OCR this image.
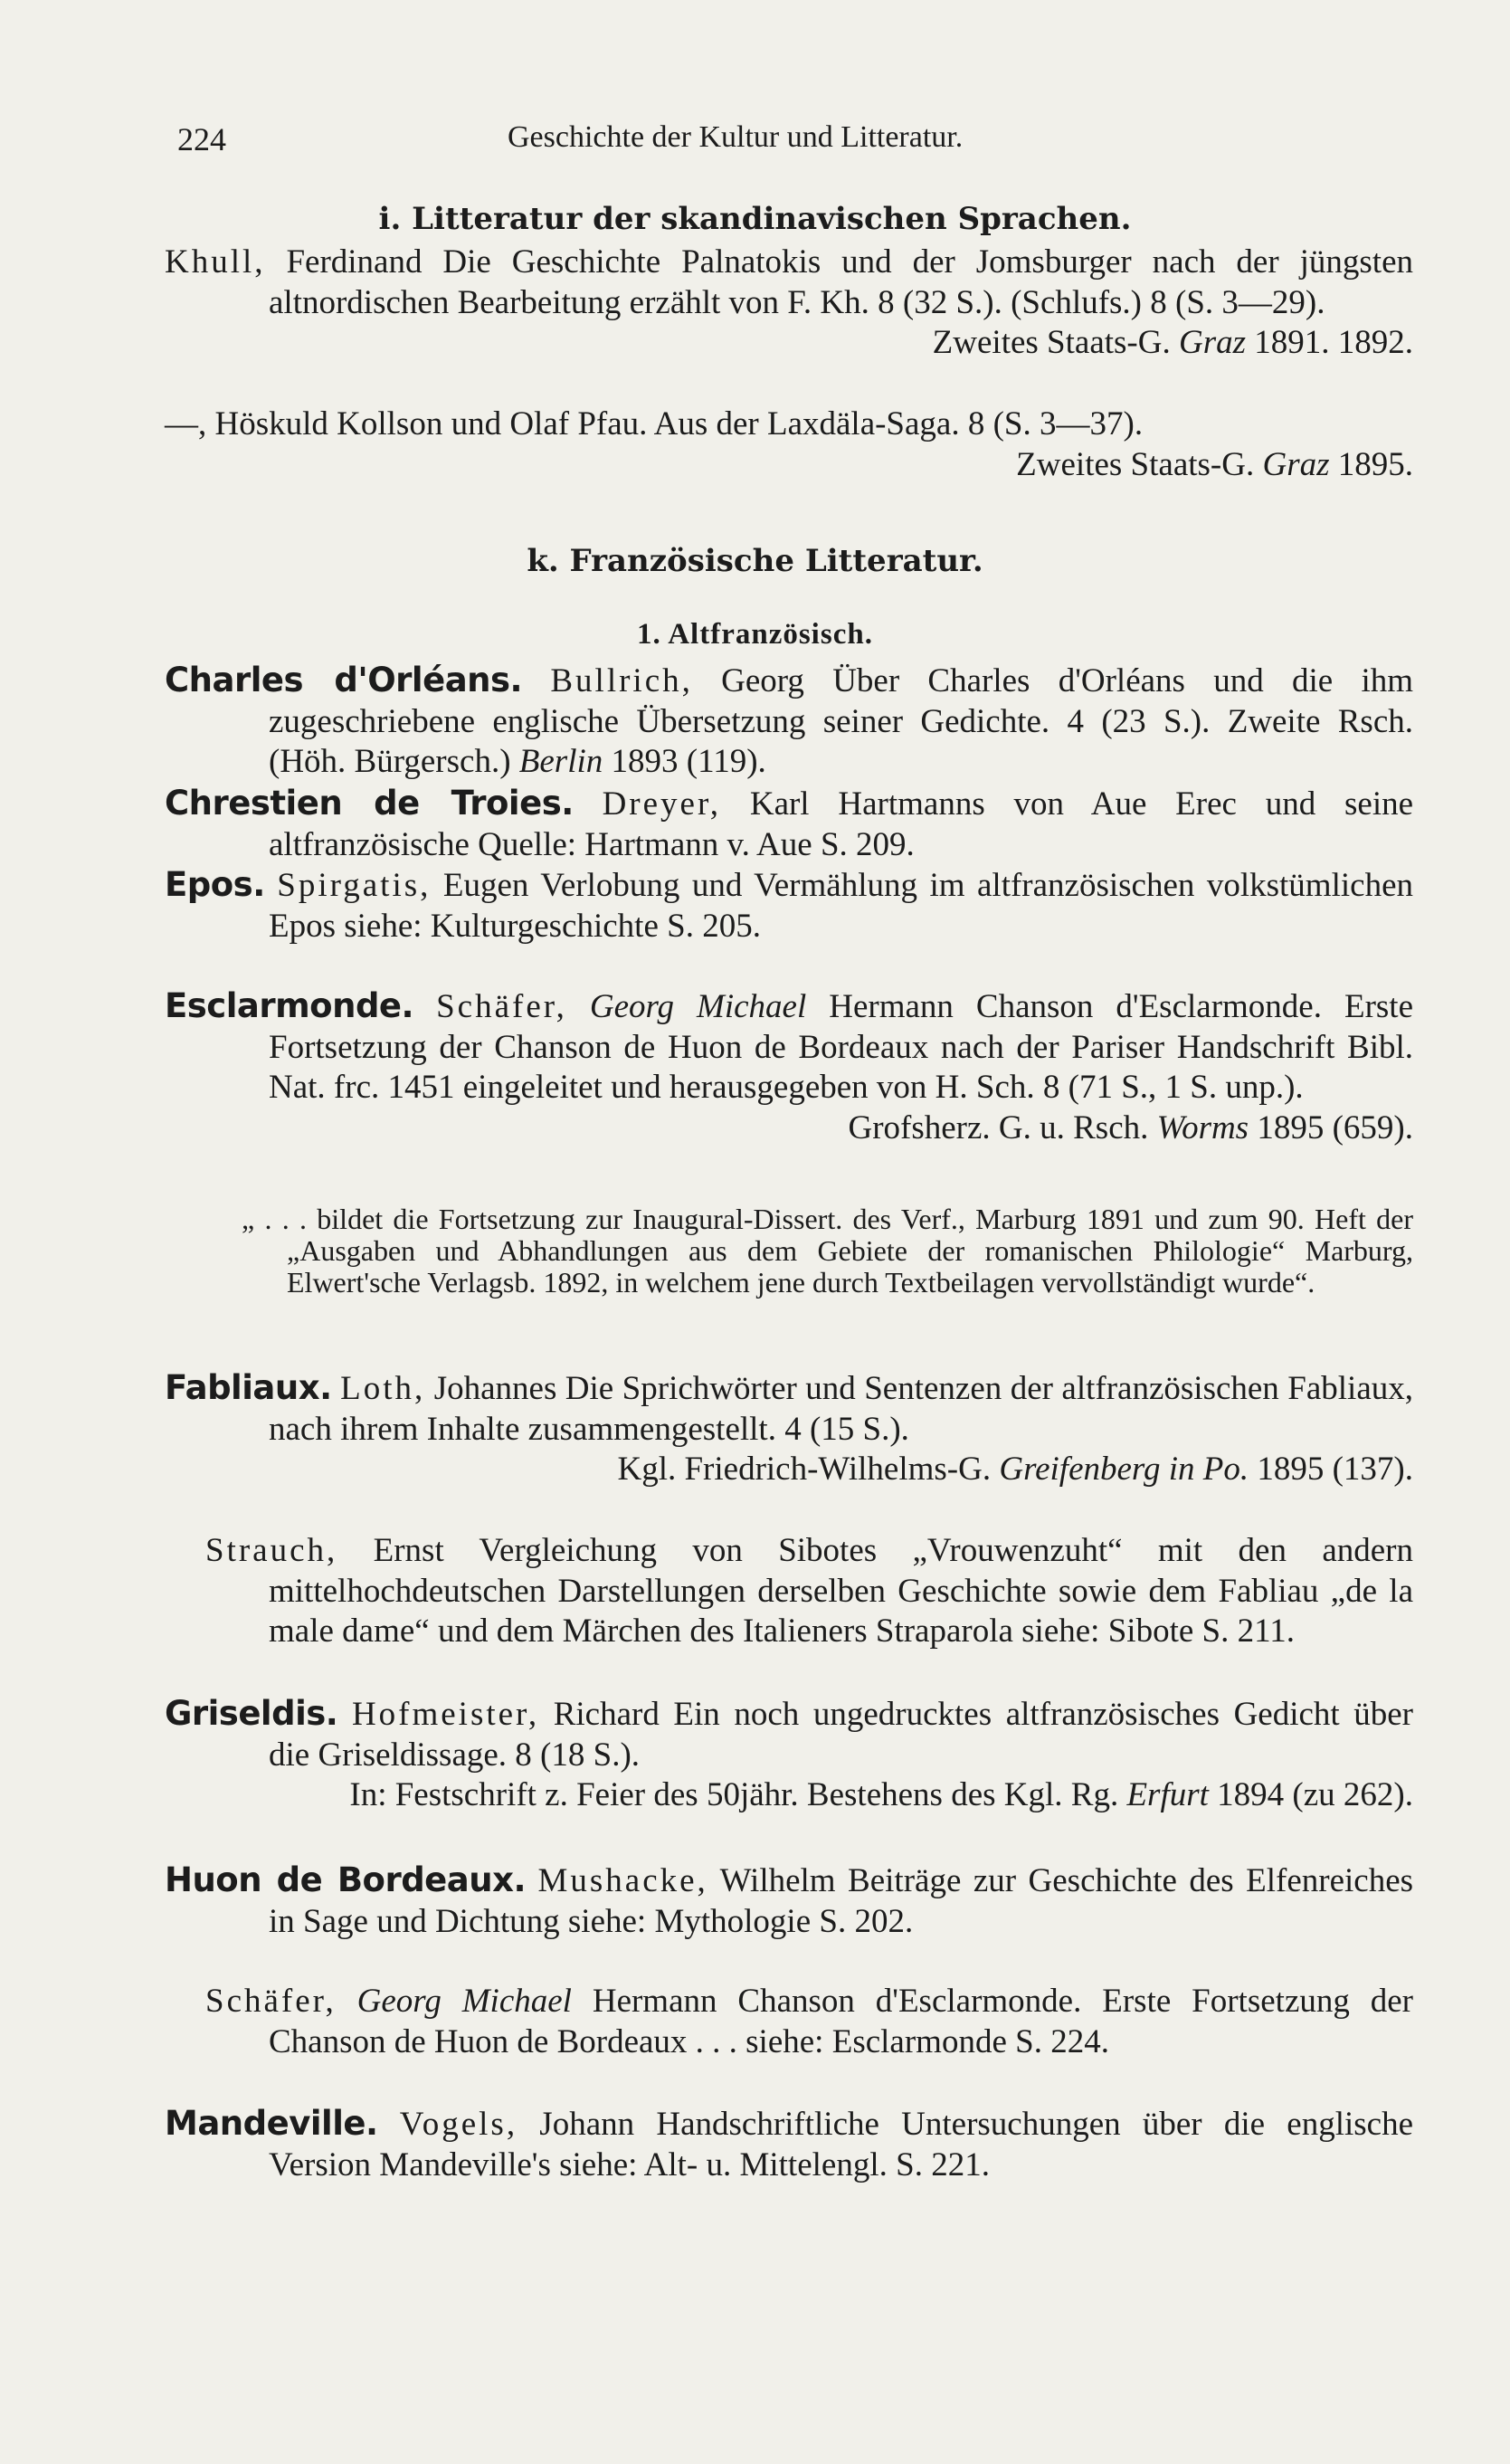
224	Geschichte der Kultur und Litteratur.
i. Litteratur der skandinavischen Sprachen.
Khull, Ferdinand Die Geschichte Palnatokis und der Jomsburger nach der jüngsten altnordischen Bearbeitung erzählt von F. Kh. 8 (32 S.). (Schlufs.) 8 (S. 3—29).
Zweites Staats-G. Graz 1891. 1892.
—, Höskuld Kollson und Olaf Pfau. Aus der Laxdäla-Saga. 8 (S. 3—37).
Zweites Staats-G. Graz 1895.
k. Französische Litteratur.
1. Altfranzösisch.
Charles d'Orléans. Bullrich, Georg Über Charles d'Orléans und die ihm zugeschriebene englische Übersetzung seiner Gedichte. 4 (23 S.). Zweite Rsch. (Höh. Bürgersch.) Berlin 1893 (119).
Chrestien de Troies. Dreyer, Karl Hartmanns von Aue Erec und seine altfranzösische Quelle: Hartmann v. Aue S. 209.
Epos. Spirgatis, Eugen Verlobung und Vermählung im altfranzösischen volkstümlichen Epos siehe: Kulturgeschichte S. 205.
Esclarmonde. Schäfer, Georg Michael Hermann Chanson d'Esclarmonde. Erste Fortsetzung der Chanson de Huon de Bordeaux nach der Pariser Handschrift Bibl. Nat. frc. 1451 eingeleitet und herausgegeben von H. Sch. 8 (71 S., 1 S. unp.).
Grofsherz. G. u. Rsch. Worms 1895 (659).
„ . . . bildet die Fortsetzung zur Inaugural-Dissert. des Verf., Marburg 1891 und zum 90. Heft der „Ausgaben und Abhandlungen aus dem Gebiete der romanischen Philologie“ Marburg, Elwert'sche Verlagsb. 1892, in welchem jene durch Textbeilagen vervollständigt wurde“.
Fabliaux. Loth, Johannes Die Sprichwörter und Sentenzen der altfranzösischen Fabliaux, nach ihrem Inhalte zusammengestellt. 4 (15 S.).
Kgl. Friedrich-Wilhelms-G. Greifenberg in Po. 1895 (137).
Strauch, Ernst Vergleichung von Sibotes „Vrouwenzuht“ mit den andern mittelhochdeutschen Darstellungen derselben Geschichte sowie dem Fabliau „de la male dame“ und dem Märchen des Italieners Straparola siehe: Sibote S. 211.
Griseldis. Hofmeister, Richard Ein noch ungedrucktes altfranzösisches Gedicht über die Griseldissage. 8 (18 S.).
In: Festschrift z. Feier des 50jähr. Bestehens des Kgl. Rg. Erfurt 1894 (zu 262).
Huon de Bordeaux. Mushacke, Wilhelm Beiträge zur Geschichte des Elfenreiches in Sage und Dichtung siehe: Mythologie S. 202.
Schäfer, Georg Michael Hermann Chanson d'Esclarmonde. Erste Fortsetzung der Chanson de Huon de Bordeaux . . . siehe: Esclarmonde S. 224.
Mandeville. Vogels, Johann Handschriftliche Untersuchungen über die englische Version Mandeville's siehe: Alt- u. Mittelengl. S. 221.
